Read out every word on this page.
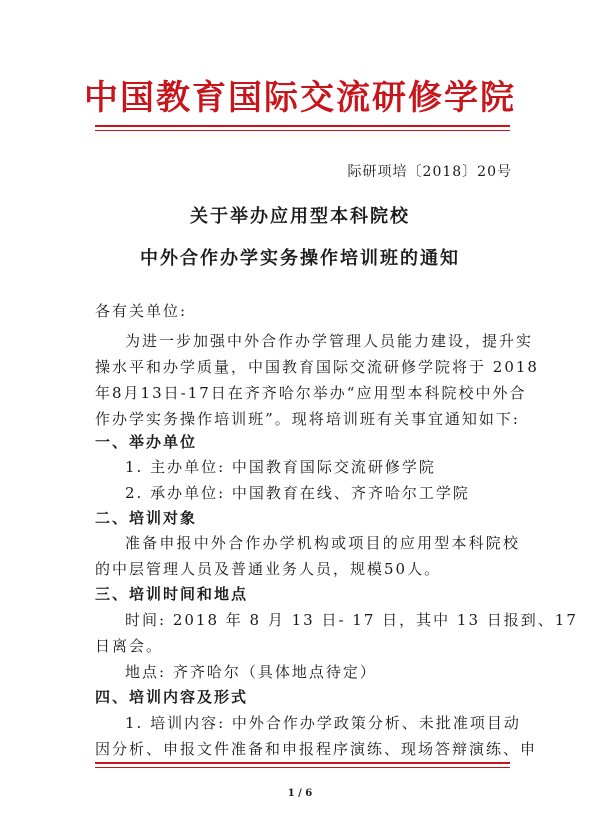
中国教育国际交流研修学院
际研项培〔2018〕20号
关于举办应用型本科院校
中外合作办学实务操作培训班的通知
各有关单位:
为进一步加强中外合作办学管理人员能力建设，提升实
操水平和办学质量，中国教育国际交流研修学院将于 2018
年8月13日-17日在齐齐哈尔举办“应用型本科院校中外合
作办学实务操作培训班”。现将培训班有关事宜通知如下:
一、举办单位
1. 主办单位: 中国教育国际交流研修学院
2. 承办单位: 中国教育在线、齐齐哈尔工学院
二、培训对象
准备申报中外合作办学机构或项目的应用型本科院校
的中层管理人员及普通业务人员，规模50人。
三、培训时间和地点
时间: 2018 年 8 月 13 日- 17 日，其中 13 日报到、17
日离会。
地点: 齐齐哈尔（具体地点待定）
四、培训内容及形式
1. 培训内容: 中外合作办学政策分析、未批准项目动
因分析、申报文件准备和申报程序演练、现场答辩演练、申
1 / 6
